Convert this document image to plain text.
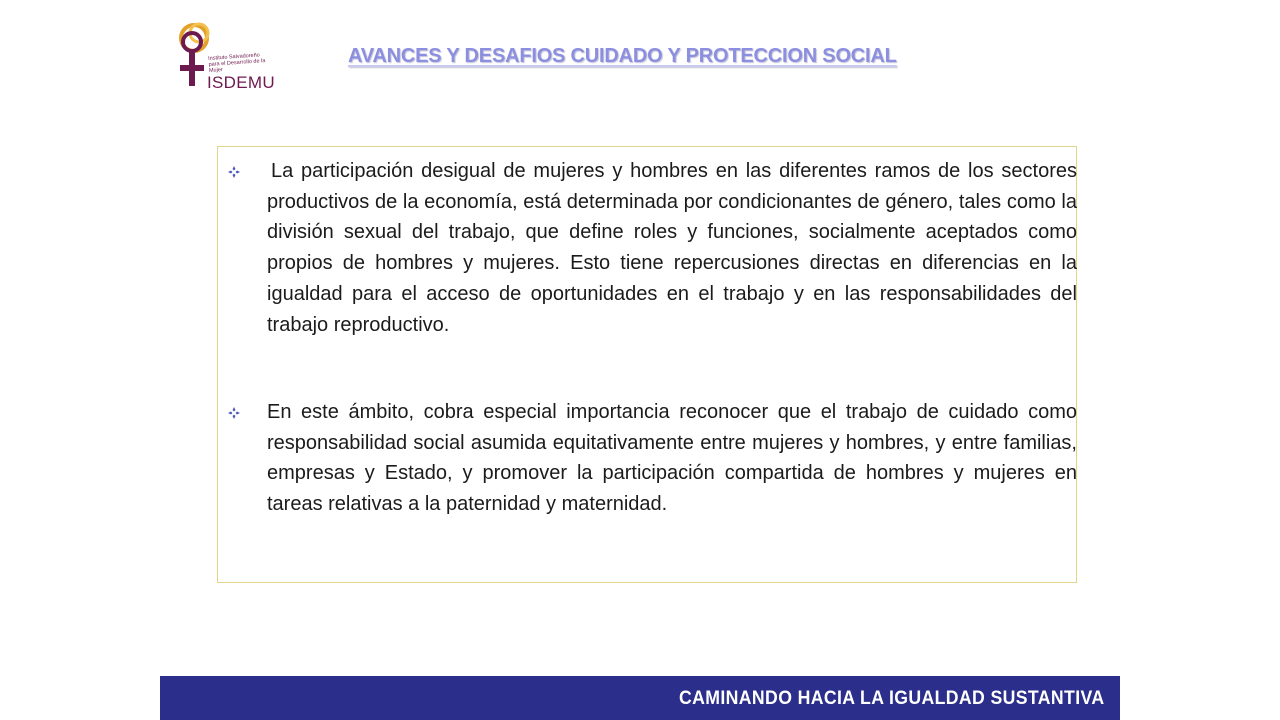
Instituto Salvadoreño para el Desarrollo de la Mujer
ISDEMU
AVANCES Y DESAFIOS CUIDADO Y PROTECCION SOCIAL

La participación desigual de mujeres y hombres en las diferentes ramos de los sectores productivos de la economía, está determinada por condicionantes de género, tales como la división sexual del trabajo, que define roles y funciones, socialmente aceptados como propios de hombres y mujeres. Esto tiene repercusiones directas en diferencias en la igualdad para el acceso de oportunidades en el trabajo y en las responsabilidades del trabajo reproductivo.

En este ámbito, cobra especial importancia reconocer que el trabajo de cuidado como responsabilidad social asumida equitativamente entre mujeres y hombres, y entre familias, empresas y Estado, y promover la participación compartida de hombres y mujeres en tareas relativas a la paternidad y maternidad.

CAMINANDO HACIA LA IGUALDAD SUSTANTIVA
